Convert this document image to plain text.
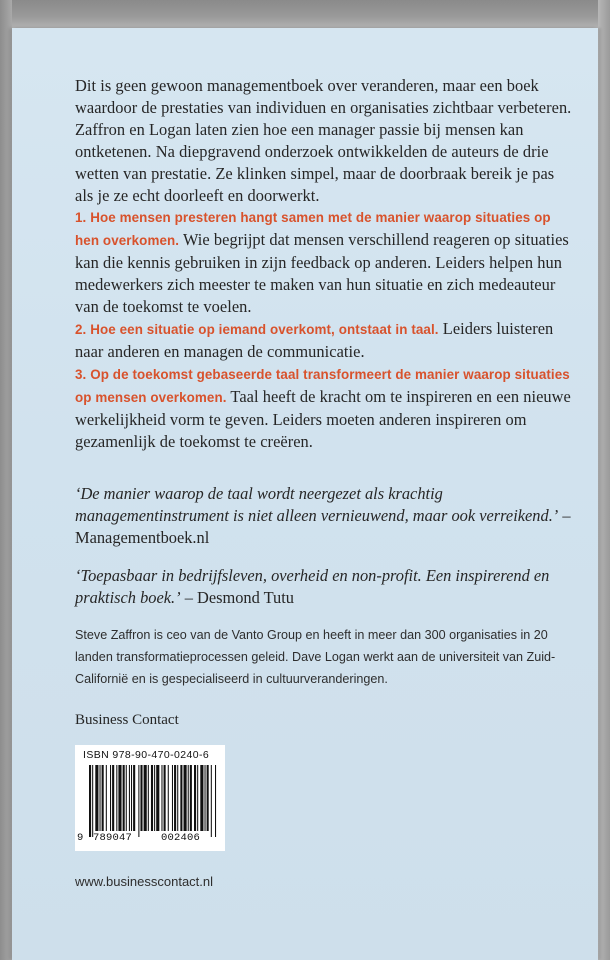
Dit is geen gewoon managementboek over veranderen, maar een boek waardoor de prestaties van individuen en organisaties zichtbaar verbeteren.

Zaffron en Logan laten zien hoe een manager passie bij mensen kan ontketenen. Na diepgravend onderzoek ontwikkelden de auteurs de drie wetten van prestatie. Ze klinken simpel, maar de doorbraak bereik je pas als je ze echt doorleeft en doorwerkt.

1. Hoe mensen presteren hangt samen met de manier waarop situaties op hen overkomen. Wie begrijpt dat mensen verschillend reageren op situaties kan die kennis gebruiken in zijn feedback op anderen. Leiders helpen hun medewerkers zich meester te maken van hun situatie en zich medeauteur van de toekomst te voelen.

2. Hoe een situatie op iemand overkomt, ontstaat in taal. Leiders luisteren naar anderen en managen de communicatie.

3. Op de toekomst gebaseerde taal transformeert de manier waarop situaties op mensen overkomen. Taal heeft de kracht om te inspireren en een nieuwe werkelijkheid vorm te geven. Leiders moeten anderen inspireren om gezamenlijk de toekomst te creëren.

‘De manier waarop de taal wordt neergezet als krachtig managementinstrument is niet alleen vernieuwend, maar ook verreikend.’ – Managementboek.nl
‘Toepasbaar in bedrijfsleven, overheid en non-profit. Een inspirerend en praktisch boek.’ – Desmond Tutu
Steve Zaffron is ceo van de Vanto Group en heeft in meer dan 300 organisaties in 20 landen transformatieprocessen geleid. Dave Logan werkt aan de universiteit van Zuid-Californië en is gespecialiseerd in cultuurveranderingen.
Business Contact
ISBN 978-90-470-0240-6
9 789047	002406
www.businesscontact.nl
